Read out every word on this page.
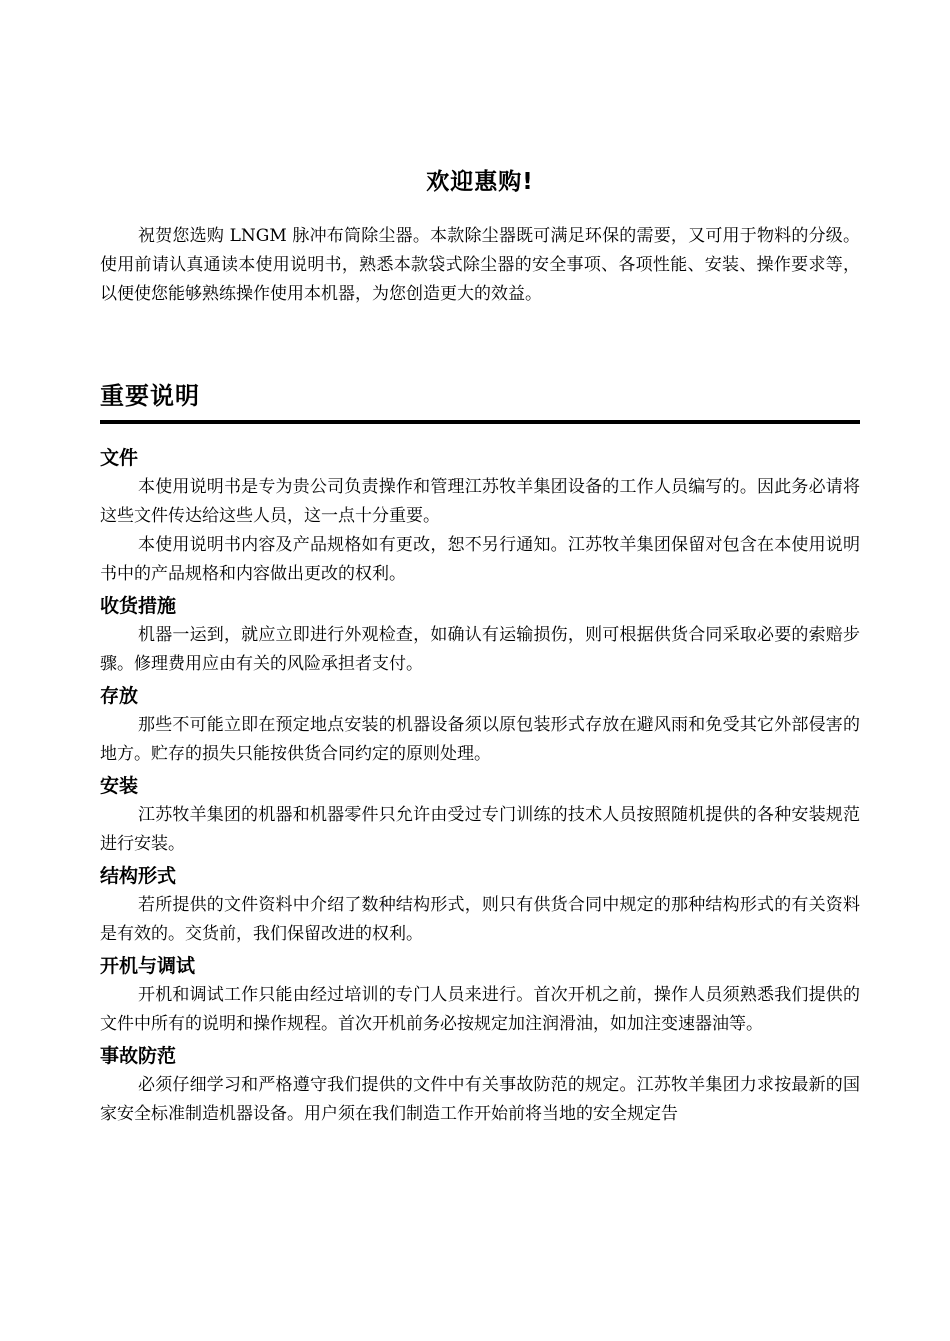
欢迎惠购!

祝贺您选购 LNGM 脉冲布筒除尘器。本款除尘器既可满足环保的需要，又可用于物料的分级。使用前请认真通读本使用说明书，熟悉本款袋式除尘器的安全事项、各项性能、安装、操作要求等，以便使您能够熟练操作使用本机器，为您创造更大的效益。

重要说明
文件

本使用说明书是专为贵公司负责操作和管理江苏牧羊集团设备的工作人员编写的。因此务必请将这些文件传达给这些人员，这一点十分重要。

本使用说明书内容及产品规格如有更改，恕不另行通知。江苏牧羊集团保留对包含在本使用说明书中的产品规格和内容做出更改的权利。

收货措施

机器一运到，就应立即进行外观检查，如确认有运输损伤，则可根据供货合同采取必要的索赔步骤。修理费用应由有关的风险承担者支付。

存放

那些不可能立即在预定地点安装的机器设备须以原包装形式存放在避风雨和免受其它外部侵害的地方。贮存的损失只能按供货合同约定的原则处理。

安装

江苏牧羊集团的机器和机器零件只允许由受过专门训练的技术人员按照随机提供的各种安装规范进行安装。

结构形式

若所提供的文件资料中介绍了数种结构形式，则只有供货合同中规定的那种结构形式的有关资料是有效的。交货前，我们保留改进的权利。

开机与调试

开机和调试工作只能由经过培训的专门人员来进行。首次开机之前，操作人员须熟悉我们提供的文件中所有的说明和操作规程。首次开机前务必按规定加注润滑油，如加注变速器油等。

事故防范

必须仔细学习和严格遵守我们提供的文件中有关事故防范的规定。江苏牧羊集团力求按最新的国家安全标准制造机器设备。用户须在我们制造工作开始前将当地的安全规定告
